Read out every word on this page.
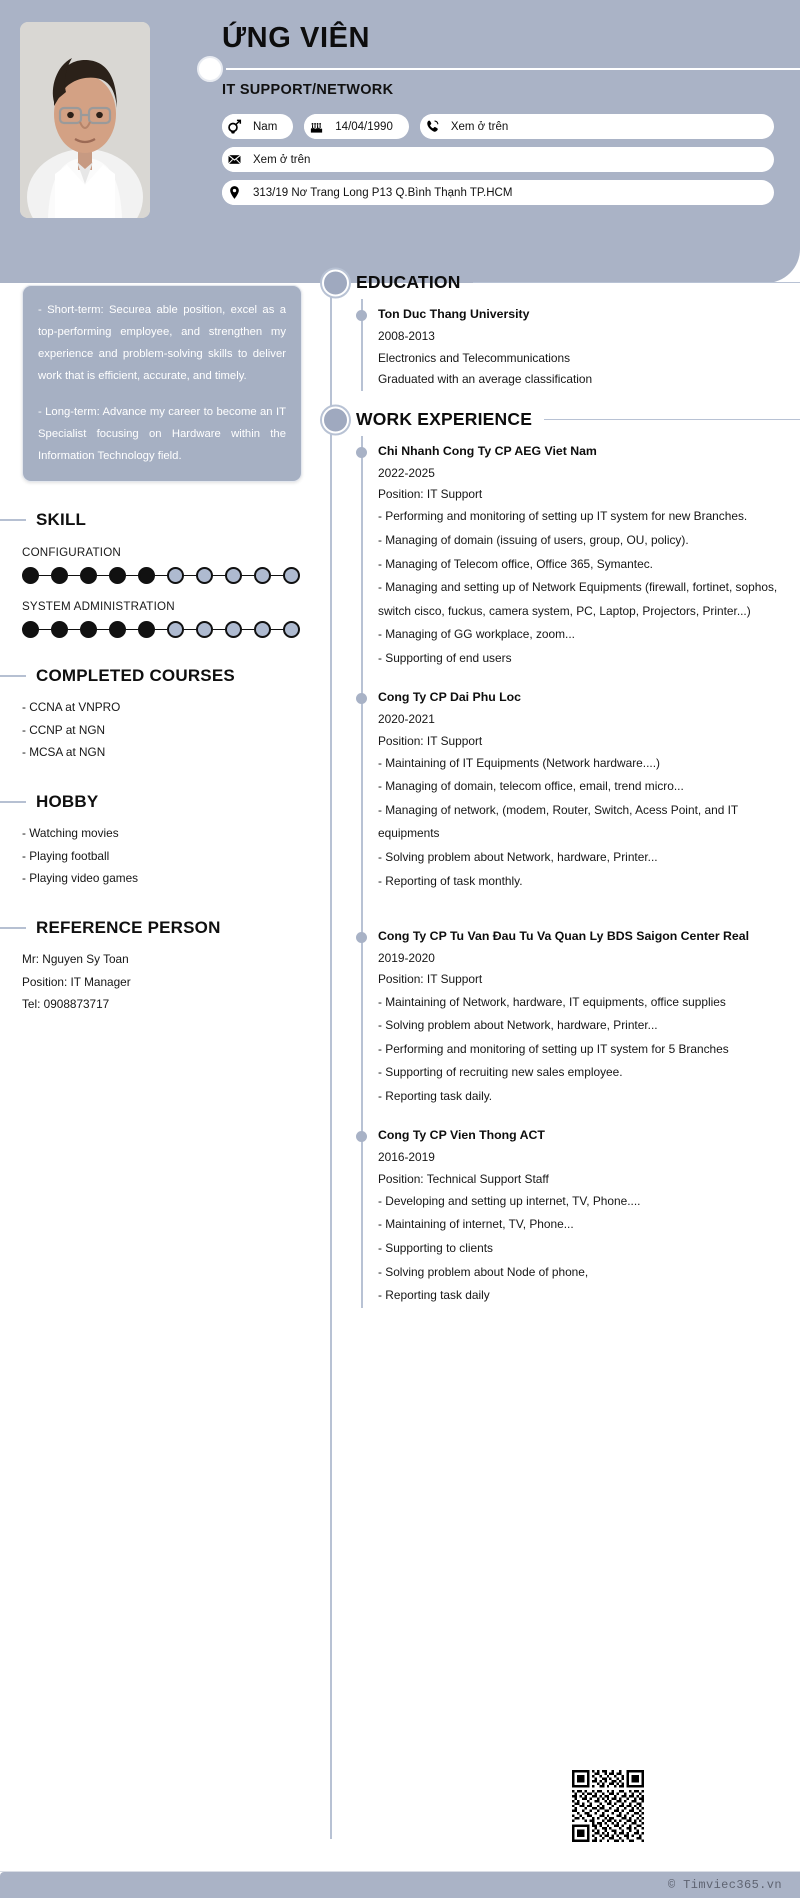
ỨNG VIÊN
IT SUPPORT/NETWORK
Nam	14/04/1990	Xem ở trên
Xem ở trên
313/19 Nơ Trang Long P13 Q.Bình Thạnh TP.HCM

- Short-term: Securea able position, excel as a top-performing employee, and strengthen my experience and problem-solving skills to deliver work that is efficient, accurate, and timely.

- Long-term: Advance my career to become an IT Specialist focusing on Hardware within the Information Technology field.

SKILL
CONFIGURATION
SYSTEM ADMINISTRATION
COMPLETED COURSES
- CCNA at VNPRO
- CCNP at NGN
- MCSA at NGN
HOBBY
- Watching movies
- Playing football
- Playing video games
REFERENCE PERSON
Mr: Nguyen Sy Toan
Position: IT Manager
Tel: 0908873717
EDUCATION
Ton Duc Thang University
2008-2013
Electronics and Telecommunications
Graduated with an average classification
WORK EXPERIENCE
Chi Nhanh Cong Ty CP AEG Viet Nam
2022-2025
Position: IT Support
- Performing and monitoring of setting up IT system for new Branches.
- Managing of domain (issuing of users, group, OU, policy).
- Managing of Telecom office, Office 365, Symantec.
- Managing and setting up of Network Equipments (firewall, fortinet, sophos, switch cisco, fuckus, camera system, PC, Laptop, Projectors, Printer...)
- Managing of GG workplace, zoom...
- Supporting of end users
Cong Ty CP Dai Phu Loc
2020-2021
Position: IT Support
- Maintaining of IT Equipments (Network hardware....)
- Managing of domain, telecom office, email, trend micro...
- Managing of network, (modem, Router, Switch, Acess Point, and IT equipments
- Solving problem about Network, hardware, Printer...
- Reporting of task monthly.
Cong Ty CP Tu Van Đau Tu Va Quan Ly BDS Saigon Center Real
2019-2020
Position: IT Support
- Maintaining of Network, hardware, IT equipments, office supplies
- Solving problem about Network, hardware, Printer...
- Performing and monitoring of setting up IT system for 5 Branches
- Supporting of recruiting new sales employee.
- Reporting task daily.
Cong Ty CP Vien Thong ACT
2016-2019
Position: Technical Support Staff
- Developing and setting up internet, TV, Phone....
- Maintaining of internet, TV, Phone...
- Supporting to clients
- Solving problem about Node of phone,
- Reporting task daily
© Timviec365.vn
